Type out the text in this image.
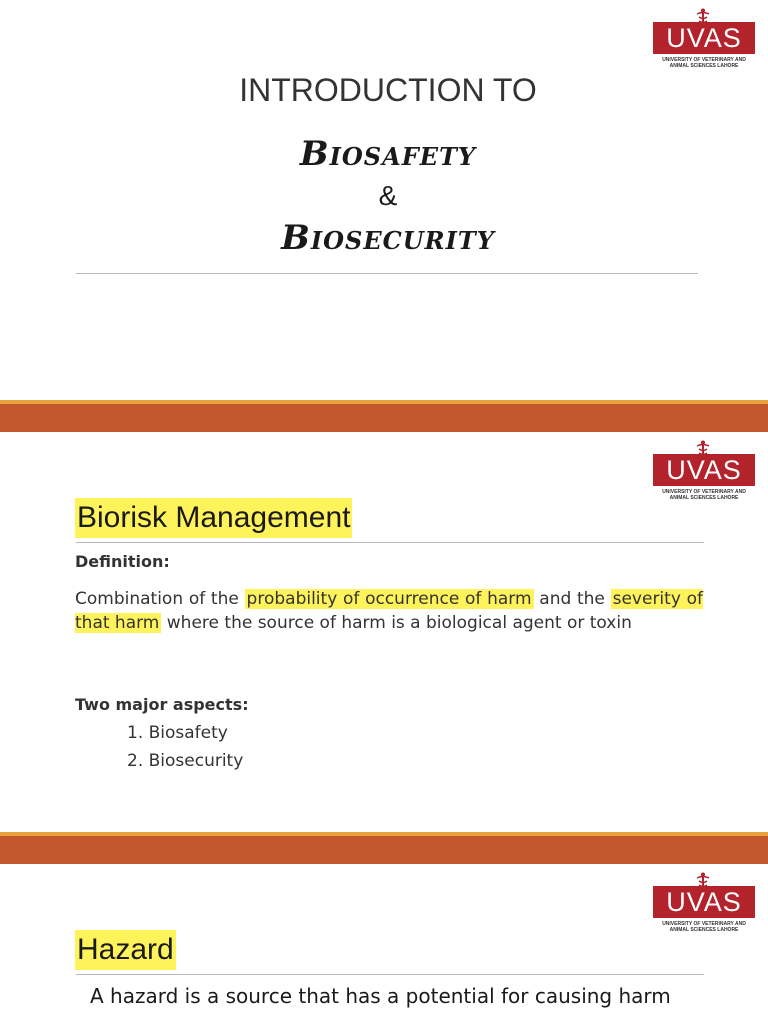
UVAS
UNIVERSITY OF VETERINARY AND
ANIMAL SCIENCES LAHORE
INTRODUCTION TO
Biosafety
&
Biosecurity
UVAS
UNIVERSITY OF VETERINARY AND
ANIMAL SCIENCES LAHORE
Biorisk Management
Definition:
Combination of the probability of occurrence of harm and the severity of that harm where the source of harm is a biological agent or toxin
Two major aspects:
1. Biosafety
2. Biosecurity
UVAS
UNIVERSITY OF VETERINARY AND
ANIMAL SCIENCES LAHORE
Hazard
A hazard is a source that has a potential for causing harm
